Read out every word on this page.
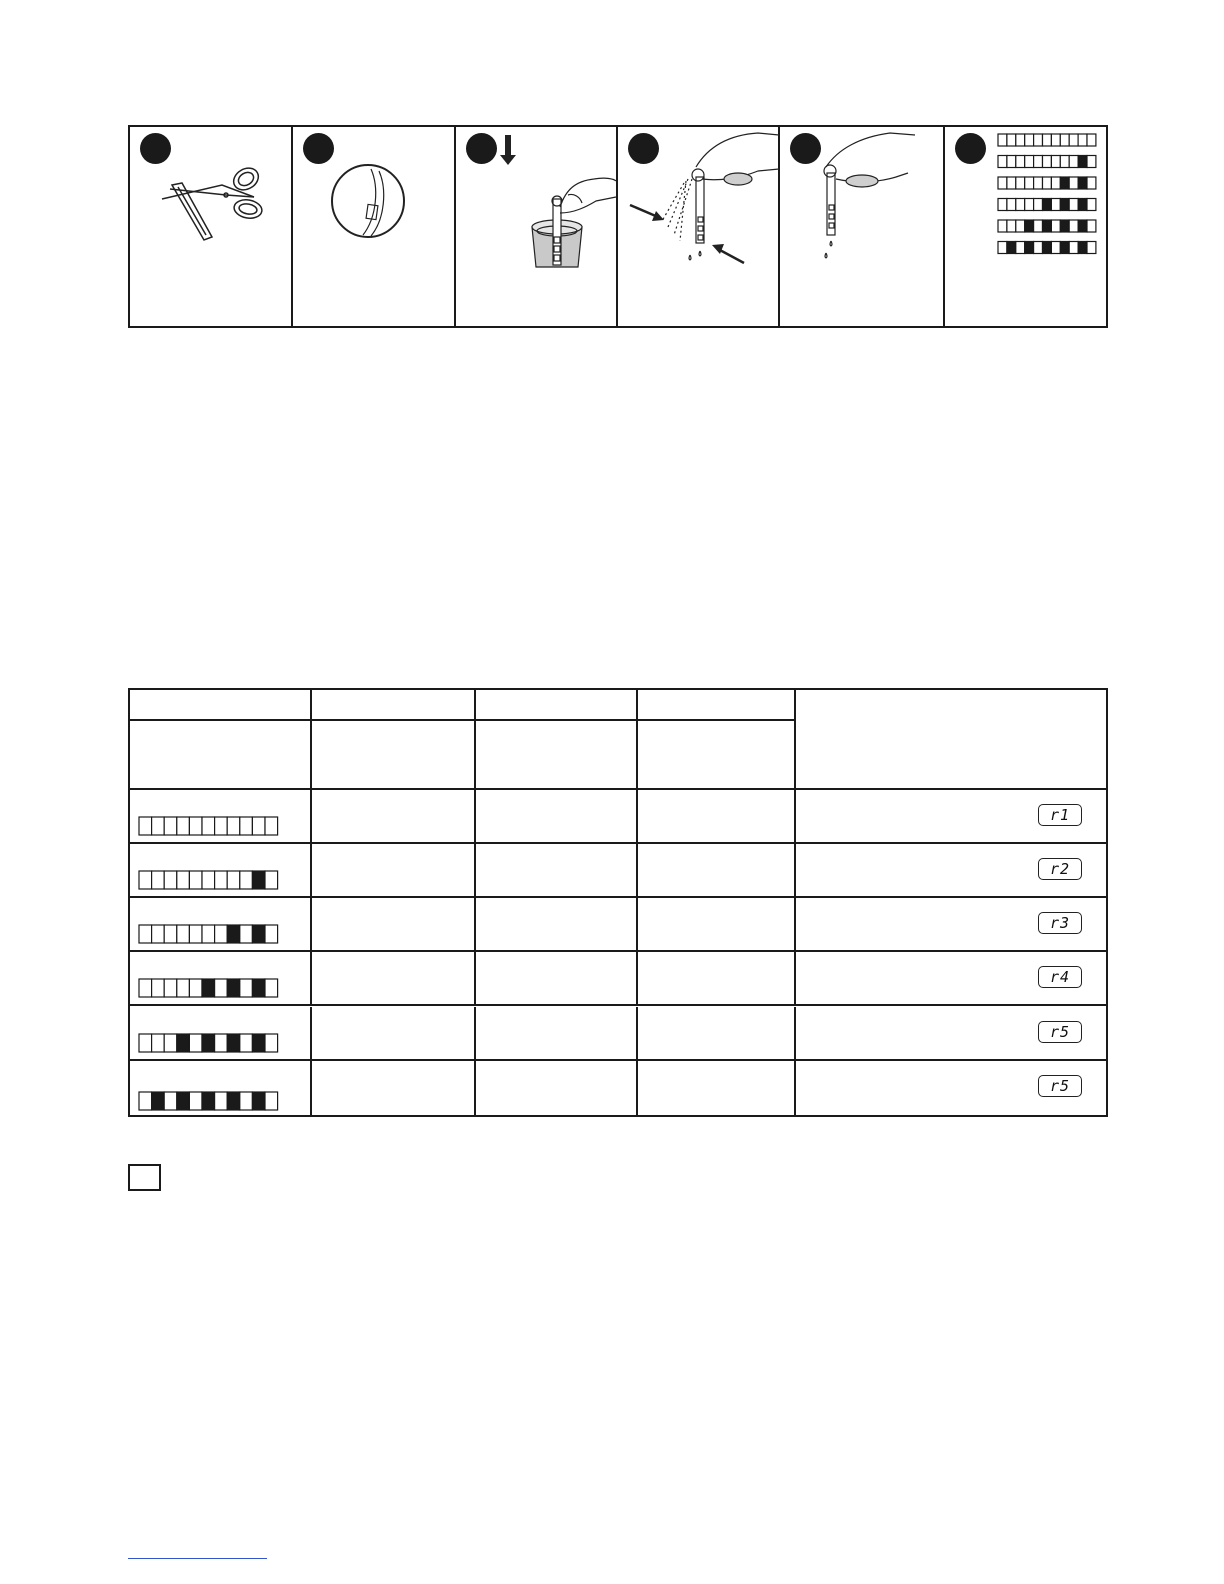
r1
r2
r3
r4
r5
r5
